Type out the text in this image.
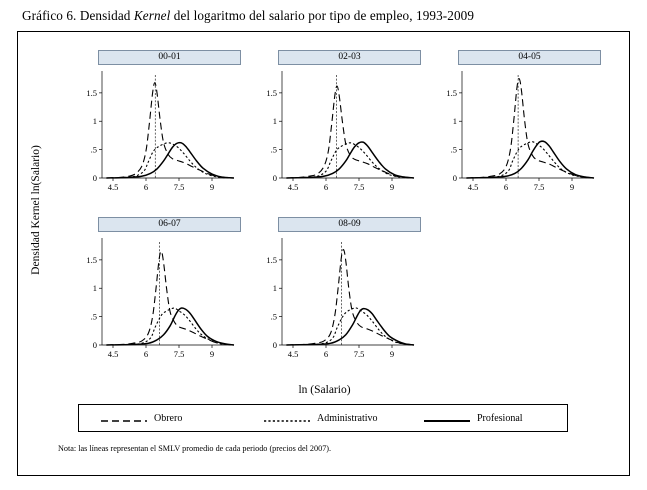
Gráfico 6. Densidad Kernel del logaritmo del salario por tipo de empleo, 1993-2009
Densidad Kernel ln(Salario)
00-01
0
.5
1
1.5
4.5	6	7.5	9
02-03
0
.5
1
1.5
4.5	6	7.5	9
04-05
0
.5
1
1.5
4.5	6	7.5	9
06-07
0
.5
1
1.5
4.5	6	7.5	9
08-09
0
.5
1
1.5
4.5	6	7.5	9
ln (Salario)
Obrero	Administrativo	Profesional
Nota: las líneas representan el SMLV promedio de cada periodo (precios del 2007).
